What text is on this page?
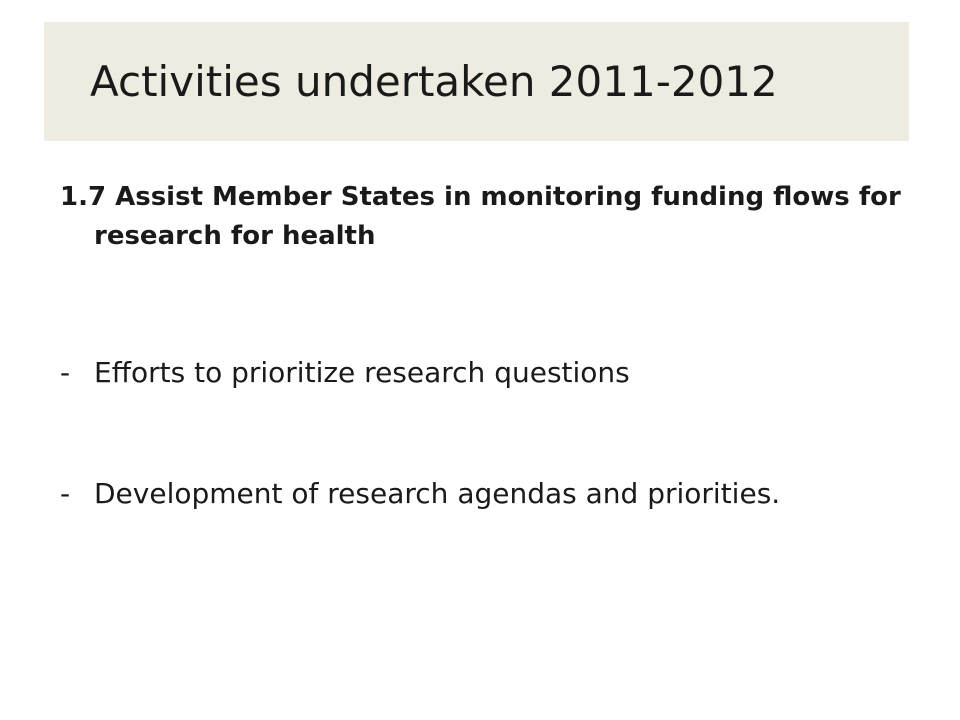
Activities undertaken 2011-2012

1.7 Assist Member States in monitoring funding flows for research for health

- Efforts to prioritize research questions
- Development of research agendas and priorities.
